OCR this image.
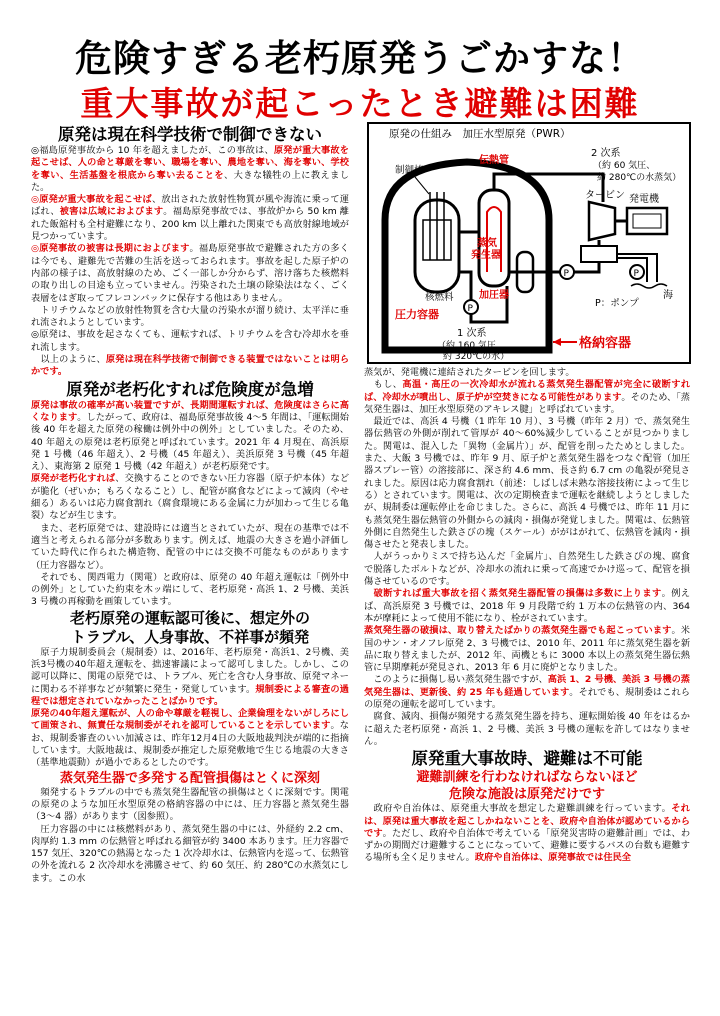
危険すぎる老朽原発うごかすな！
重大事故が起こったとき避難は困難

原発は現在科学技術で制御できない

◎福島原発事故から 10 年を超えましたが、この事故は、原発が重大事故を起こせば、人の命と尊厳を奪い、職場を奪い、農地を奪い、海を奪い、学校を奪い、生活基盤を根底から奪い去ることを、大きな犠牲の上に教えました。

◎原発が重大事故を起こせば、放出された放射性物質が風や海流に乗って運ばれ、被害は広域におよびます。福島原発事故では、事故炉から 50 km 離れた飯舘村も全村避難になり、200 km 以上離れた関東でも高放射線地域が見つかっています。

◎原発事故の被害は長期におよびます。福島原発事故で避難された方の多くは今でも、避難先で苦難の生活を送っておられます。事故を起した原子炉の内部の様子は、高放射線のため、ごく一部しか分からず、溶け落ちた核燃料の取り出しの目途も立っていません。汚染された土壌の除染法はなく、ごく表層をはぎ取ってフレコンバックに保存する他はありません。

　トリチウムなどの放射性物質を含む大量の汚染水が溜り続け、太平洋に垂れ流されようとしています。

◎原発は、事故を起さなくても、運転すれば、トリチウムを含む冷却水を垂れ流します。

　以上のように、原発は現在科学技術で制御できる装置ではないことは明らかです。

原発が老朽化すれば危険度が急増

原発は事故の確率が高い装置ですが、長期間運転すれば、危険度はさらに高くなります。したがって、政府は、福島原発事故後 4～5 年間は、「運転開始後 40 年を超えた原発の稼働は例外中の例外」としていました。そのため、40 年超えの原発は老朽原発と呼ばれています。2021 年 4 月現在、高浜原発 1 号機（46 年超え）、2 号機（45 年超え）、美浜原発 3 号機（45 年超え）、東海第 2 原発 1 号機（42 年超え）が老朽原発です。

原発が老朽化すれば、交換することのできない圧力容器（原子炉本体）などが脆化（ぜいか；もろくなること）し、配管が腐食などによって減肉（やせ細る）あるいは応力腐食割れ（腐食環境にある金属に力が加わって生じる亀裂）などが生じます。

　また、老朽原発では、建設時には適当とされていたが、現在の基準では不適当と考えられる部分が多数あります。例えば、地震の大きさを過小評価していた時代に作られた構造物、配管の中には交換不可能なものがあります（圧力容器など）。

　それでも、関西電力（関電）と政府は、原発の 40 年超え運転は「例外中の例外」としていた約束を木ッ端にして、老朽原発・高浜 1、2 号機、美浜 3 号機の再稼動を画策しています。

老朽原発の運転認可後に、想定外の

トラブル、人身事故、不祥事が頻発

　原子力規制委員会（規制委）は、2016年、老朽原発・高浜1、2号機、美浜3号機の40年超え運転を、拙速審議によって認可しました。しかし、この認可以降に、関電の原発では、トラブル、死亡を含む人身事故、原発マネーに関わる不祥事などが頻繁に発生・発覚しています。規制委による審査の過程では想定されていなかったことばかりです。

原発の40年超え運転が、人の命や尊厳を軽視し、企業倫理をないがしろにして画策され、無責任な規制委がそれを認可していることを示しています。なお、規制委審査のいい加減さは、昨年12月4日の大阪地裁判決が端的に指摘しています。大阪地裁は、規制委が推定した原発敷地で生じる地震の大きさ（基準地震動）が過小であるとしたのです。

蒸気発生器で多発する配管損傷はとくに深刻

　頻発するトラブルの中でも蒸気発生器配管の損傷はとくに深刻です。関電の原発のような加圧水型原発の格納容器の中には、圧力容器と蒸気発生器（3～4 器）があります（図参照）。

　圧力容器の中には核燃料があり、蒸気発生器の中には、外経約 2.2 cm、肉厚約 1.3 mm の伝熱管と呼ばれる細管が約 3400 本あります。圧力容器で 157 気圧、320℃の熱湯となった 1 次冷却水は、伝熱管内を巡って、伝熱管の外を流れる 2 次冷却水を沸騰させて、約 60 気圧、約 280℃の水蒸気にします。この水

原発の仕組み　加圧水型原発（PWR）
P
P	P
制御棒
伝熱管
核燃料
蒸気
発生器
加圧器
圧力容器
2 次系
（約 60 気圧、
約 280℃の水蒸気）
タービン 発電機
海
P：ポンプ
1 次系
（約 160 気圧
約 320℃の水）
格納容器

蒸気が、発電機に連結されたタービンを回します。

　もし、高温・高圧の一次冷却水が流れる蒸気発生器配管が完全に破断すれば、冷却水が噴出し、原子炉が空焚きになる可能性があります。そのため、「蒸気発生器は、加圧水型原発のアキレス腱」と呼ばれています。

　最近では、高浜 4 号機（1 昨年 10 月）、3 号機（昨年 2 月）で、蒸気発生器伝熱管の外側が削れて管厚が 40～60%減少していることが見つかりました。関電は、混入した「異物（金属片）」が、配管を削ったためとしました。また、大飯 3 号機では、昨年 9 月、原子炉と蒸気発生器をつなぐ配管（加圧器スプレー管）の溶接部に、深さ約 4.6 mm、長さ約 6.7 cm の亀裂が発見されました。原因は応力腐食割れ（前述：しばしば未熟な溶接技術によって生じる）とされています。関電は、次の定期検査まで運転を継続しようとしましたが、規制委は運転停止を命じました。さらに、高浜 4 号機では、昨年 11 月にも蒸気発生器伝熱管の外側からの減肉・損傷が発覚しました。関電は、伝熱管外側に自然発生した鉄さびの塊（スケール）ががはがれて、伝熱管を減肉・損傷させたと発表しました。

　人がうっかりミスで持ち込んだ「金属片」、自然発生した鉄さびの塊、腐食で脱落したボルトなどが、冷却水の流れに乗って高速でかけ巡って、配管を損傷させているのです。

　破断すれば重大事故を招く蒸気発生器配管の損傷は多数に上ります。例えば、高浜原発 3 号機では、2018 年 9 月段階で約 1 万本の伝熱管の内、364 本が摩耗によって使用不能になり、栓がされています。

蒸気発生器の破損は、取り替えたばかりの蒸気発生器でも起こっています。米国のサン・オノフレ原発 2、3 号機では、2010 年、2011 年に蒸気発生器を新品に取り替えましたが、2012 年、両機ともに 3000 本以上の蒸気発生器伝熱管に早期摩耗が発見され、2013 年 6 月に廃炉となりました。

　このように損傷し易い蒸気発生器ですが、高浜 1、2 号機、美浜 3 号機の蒸気発生器は、更新後、約 25 年も経過しています。それでも、規制委はこれらの原発の運転を認可しています。

　腐食、減肉、損傷が頻発する蒸気発生器を持ち、運転開始後 40 年をはるかに超えた老朽原発・高浜 1、2 号機、美浜 3 号機の運転を許してはなりません。

原発重大事故時、避難は不可能

避難訓練を行わなければならないほど

危険な施設は原発だけです

　政府や自治体は、原発重大事故を想定した避難訓練を行っています。それは、原発は重大事故を起こしかねないことを、政府や自治体が認めているからです。ただし、政府や自治体で考えている「原発災害時の避難計画」では、わずかの期間だけ避難することになっていて、避難に要するバスの台数も避難する場所も全く足りません。政府や自治体は、原発事故では住民全
